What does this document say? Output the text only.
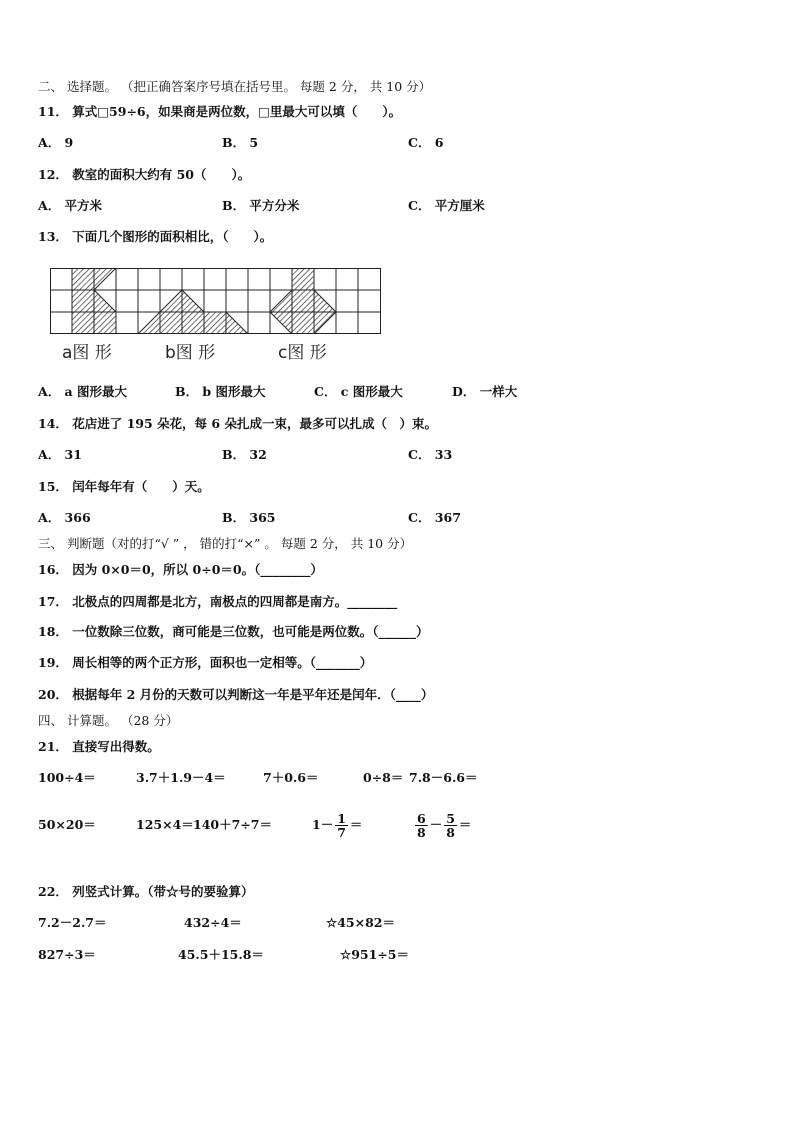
二、 选择题。 （把正确答案序号填在括号里。 每题 2 分， 共 10 分）
11． 算式□59÷6，如果商是两位数，□里最大可以填（　　）。
A． 9	B． 5	C． 6
12． 教室的面积大约有 50（　　）。
A． 平方米	B． 平方分米	C． 平方厘米
13． 下面几个图形的面积相比，（　　）。
a图 形	b图 形	c图 形
A． a 图形最大	B． b 图形最大	C． c 图形最大	D． 一样大
14． 花店进了 195 朵花，每 6 朵扎成一束，最多可以扎成（　）束。
A． 31	B． 32	C． 33
15． 闰年每年有（　　）天。
A． 366	B． 365	C． 367
三、 判断题（对的打“√ ” ， 错的打“×” 。 每题 2 分， 共 10 分）
16． 因为 0×0＝0，所以 0÷0＝0。（________）
17． 北极点的四周都是北方，南极点的四周都是南方。________
18． 一位数除三位数，商可能是三位数，也可能是两位数。（______）
19． 周长相等的两个正方形，面积也一定相等。（_______）
20． 根据每年 2 月份的天数可以判断这一年是平年还是闰年．（____）
四、 计算题。 （28 分）
21． 直接写出得数。
100÷4＝	3.7＋1.9－4＝	7＋0.6＝	0÷8＝ 7.8－6.6＝
50×20＝	125×4＝ 140＋7÷7＝	$1- \frac{1}{7}$ ＝	$\frac{6}{8} - \frac{5}{8}$ ＝
22． 列竖式计算。（带☆号的要验算）
7.2－2.7＝	432÷4＝	☆45×82＝
827÷3＝	45.5＋15.8＝	☆951÷5＝
